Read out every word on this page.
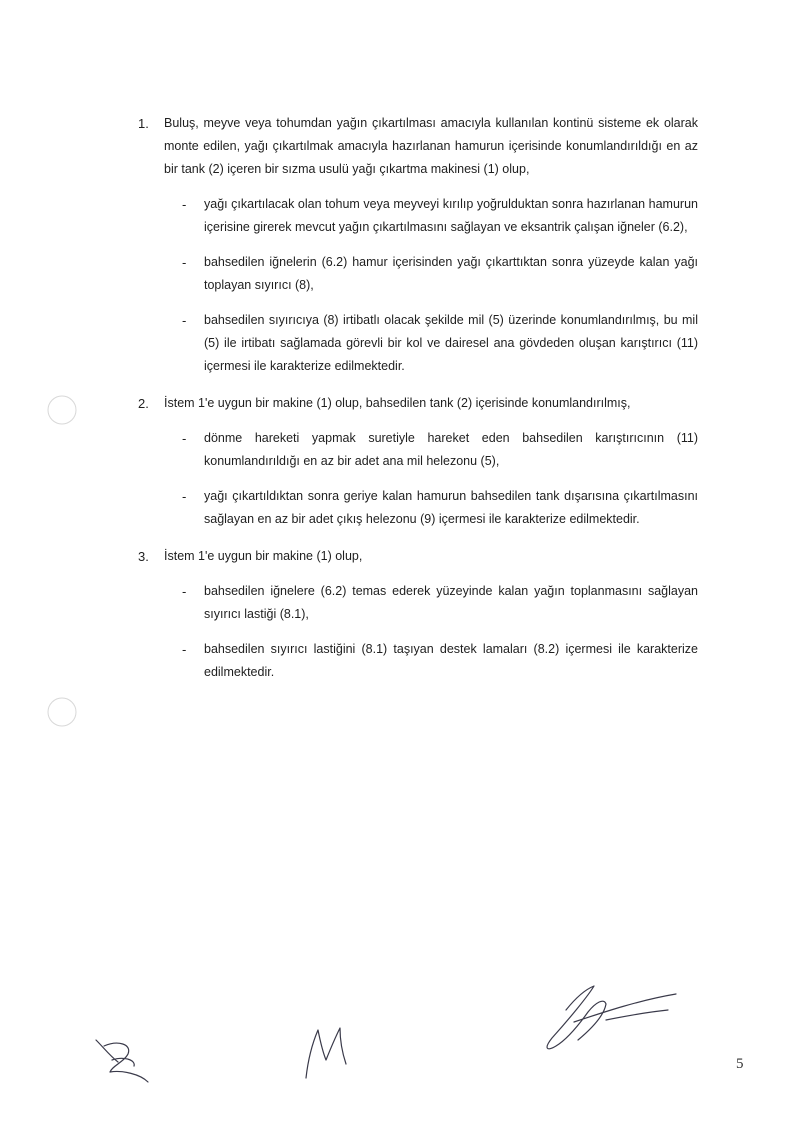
1. Buluş, meyve veya tohumdan yağın çıkartılması amacıyla kullanılan kontinü sisteme ek olarak monte edilen, yağı çıkartılmak amacıyla hazırlanan hamurun içerisinde konumlandırıldığı en az bir tank (2) içeren bir sızma usulü yağı çıkartma makinesi (1) olup,

- yağı çıkartılacak olan tohum veya meyveyi kırılıp yoğrulduktan sonra hazırlanan hamurun içerisine girerek mevcut yağın çıkartılmasını sağlayan ve eksantrik çalışan iğneler (6.2),

- bahsedilen iğnelerin (6.2) hamur içerisinden yağı çıkarttıktan sonra yüzeyde kalan yağı toplayan sıyırıcı (8),

- bahsedilen sıyırıcıya (8) irtibatlı olacak şekilde mil (5) üzerinde konumlandırılmış, bu mil (5) ile irtibatı sağlamada görevli bir kol ve dairesel ana gövdeden oluşan karıştırıcı (11) içermesi ile karakterize edilmektedir.

2. İstem 1'e uygun bir makine (1) olup, bahsedilen tank (2) içerisinde konumlandırılmış,

- dönme hareketi yapmak suretiyle hareket eden bahsedilen karıştırıcının (11) konumlandırıldığı en az bir adet ana mil helezonu (5),

- yağı çıkartıldıktan sonra geriye kalan hamurun bahsedilen tank dışarısına çıkartılmasını sağlayan en az bir adet çıkış helezonu (9) içermesi ile karakterize edilmektedir.

3. İstem 1'e uygun bir makine (1) olup,

- bahsedilen iğnelere (6.2) temas ederek yüzeyinde kalan yağın toplanmasını sağlayan sıyırıcı lastiği (8.1),

- bahsedilen sıyırıcı lastiğini (8.1) taşıyan destek lamaları (8.2) içermesi ile karakterize edilmektedir.

5
